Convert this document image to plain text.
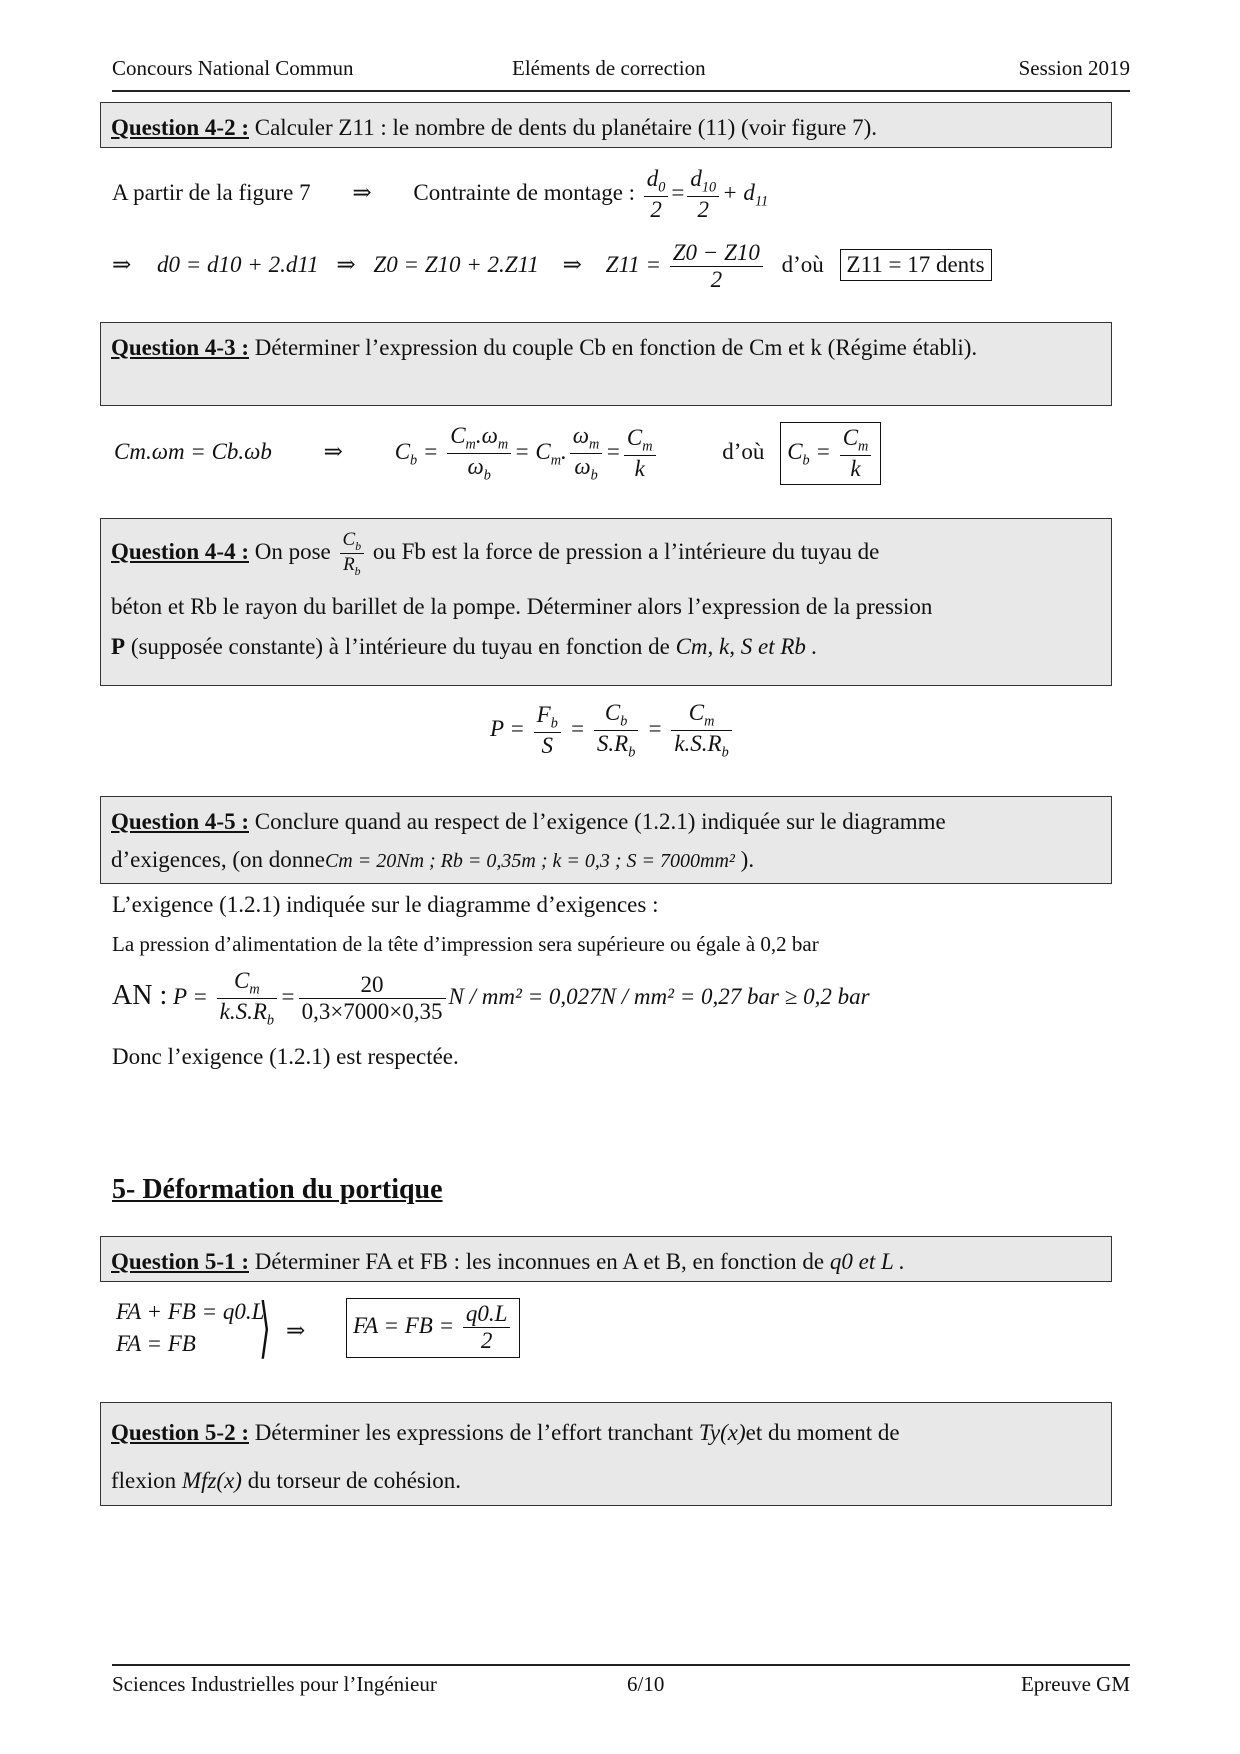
Concours National Commun	Eléments de correction	Session 2019
Question 4-2 : Calculer Z11 : le nombre de dents du planétaire (11) (voir figure 7).
A partir de la figure 7 ⇒ Contrainte de montage : $\frac{d_0}{2} = \frac{d_{10}}{2} + d_{11}$
⇒ d0 = d10 + 2.d11 ⇒ Z0 = Z10 + 2.Z11 ⇒ $Z11 = \frac{Z0 - Z10}{2}$ d’où Z11 = 17 dents
Question 4-3 : Déterminer l’expression du couple Cb en fonction de Cm et k (Régime établi).
Cm.ωm = Cb.ωb ⇒ $C_b = \frac{C_m.\omega_m}{\omega_b} = C_m$. $\frac{\omega_m}{\omega_b} = \frac{C_m}{k}$	d’où $C_b = \frac{C_m}{k}$
Question 4-4 : On pose $\frac{C_b}{R_b}$ ou Fb est la force de pression a l’intérieure du tuyau de
béton et Rb le rayon du barillet de la pompe. Déterminer alors l’expression de la pression
P (supposée constante) à l’intérieure du tuyau en fonction de Cm, k, S et Rb .
$P = \frac{F_b}{S} = \frac{C_b}{S.R_b} = \frac{C_m}{k.S.R_b}$
Question 4-5 : Conclure quand au respect de l’exigence (1.2.1) indiquée sur le diagramme
d’exigences, (on donneCm = 20Nm ; Rb = 0,35m ; k = 0,3 ; S = 7000mm² ).
L’exigence (1.2.1) indiquée sur le diagramme d’exigences :
La pression d’alimentation de la tête d’impression sera supérieure ou égale à 0,2 bar
AN : $P = \frac{C_m}{k.S.R_b} = \frac{20}{0,3\times 7000\times 0,35}$ N / mm² = 0,027N / mm² = 0,27 bar ≥ 0,2 bar
Donc l’exigence (1.2.1) est respectée.
5- Déformation du portique
Question 5-1 : Déterminer FA et FB : les inconnues en A et B, en fonction de q0 et L .
FA + FB = q0.L
FA = FB ⟩ ⇒	FA = FB = $\frac{q0.L}{2}$
Question 5-2 : Déterminer les expressions de l’effort tranchant Ty(x)et du moment de
flexion Mfz(x) du torseur de cohésion.
Sciences Industrielles pour l’Ingénieur	6/10	Epreuve GM
